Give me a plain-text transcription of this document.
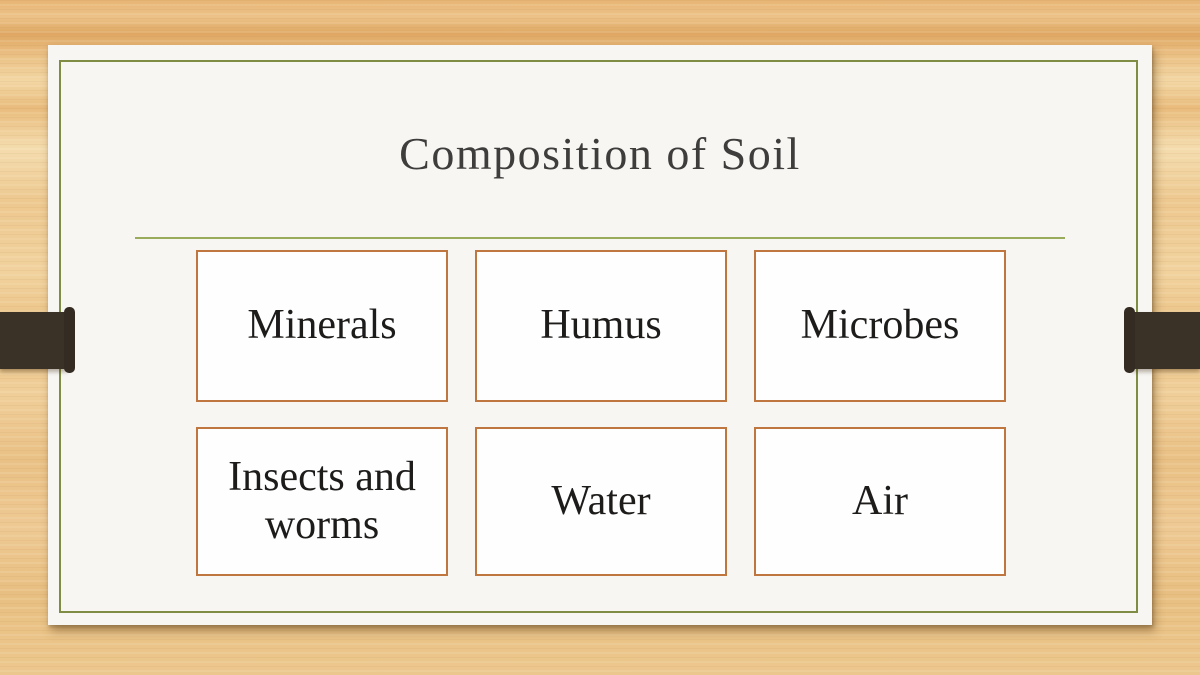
Composition of Soil
Minerals	Humus	Microbes
Insects and worms
Water	Air
